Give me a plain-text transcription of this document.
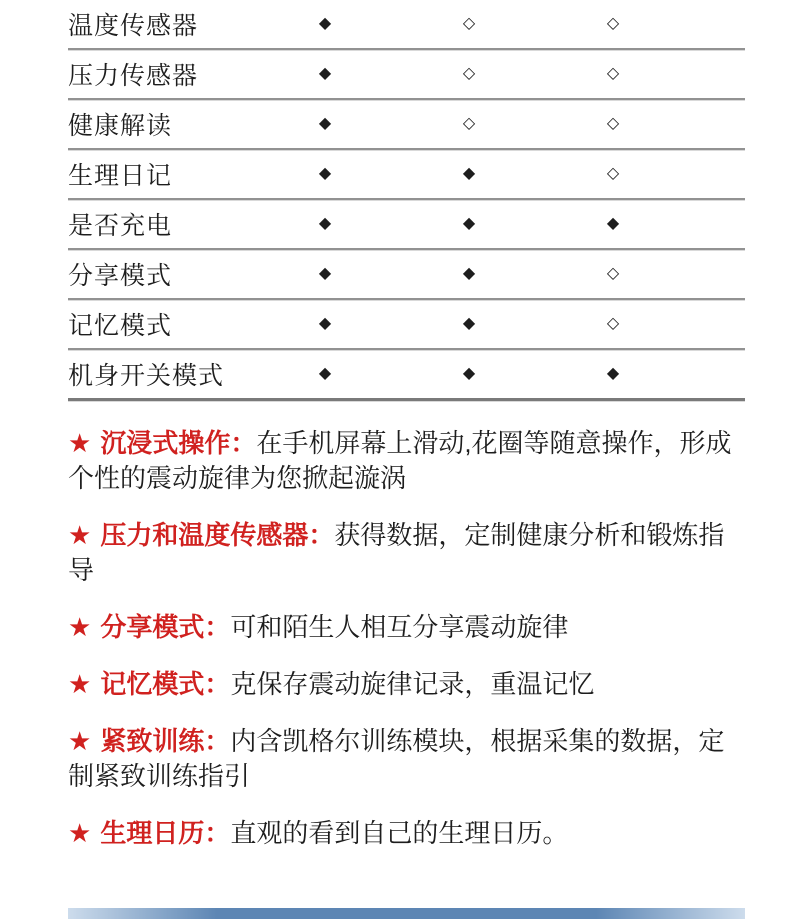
温度传感器	◆	◇	◇
压力传感器	◆	◇	◇
健康解读	◆	◇	◇
生理日记	◆	◆	◇
是否充电	◆	◆	◆
分享模式	◆	◆	◇
记忆模式	◆	◆	◇
机身开关模式	◆	◆	◆

★ 沉浸式操作：在手机屏幕上滑动,花圈等随意操作，形成
个性的震动旋律为您掀起漩涡

★ 压力和温度传感器：获得数据，定制健康分析和锻炼指
导

★ 分享模式：可和陌生人相互分享震动旋律

★ 记忆模式：克保存震动旋律记录，重温记忆

★ 紧致训练：内含凯格尔训练模块，根据采集的数据，定
制紧致训练指引

★ 生理日历：直观的看到自己的生理日历。
